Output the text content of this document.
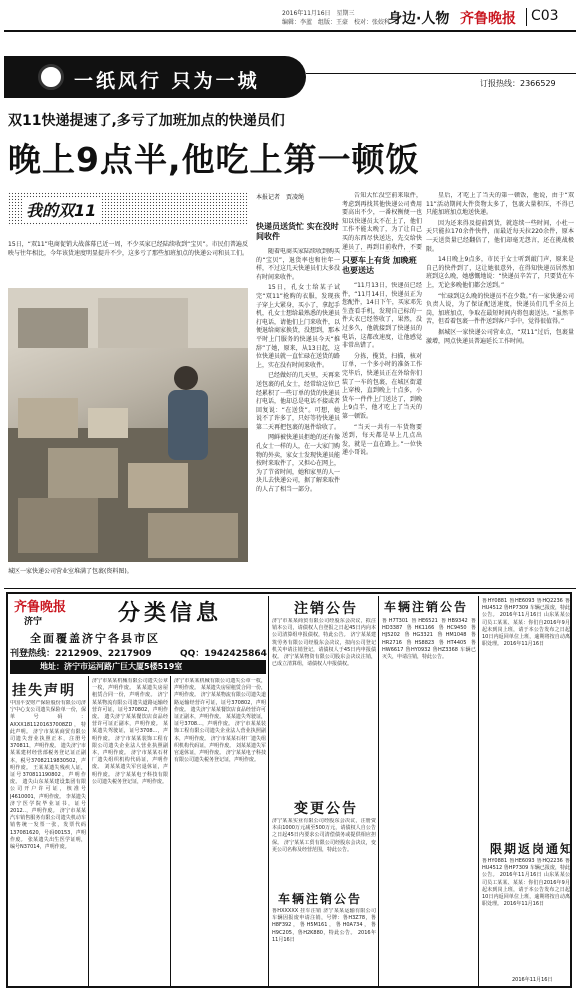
2016年11月16日　星期三
编辑：李蓝　组版：王豪　校对：张姣科
身边·人物 齐鲁晚报 C03
一纸风行 只为一城	订报热线：2366529
双11快递提速了,多亏了加班加点的快递员们
晚上9点半,他吃上第一顿饭
我的双11
15日，“双11”电商促销大战落幕已近一周，不少买家已经陆续收到“宝贝”。市民们普遍反映与往年相比，今年该货速度明显提升不少，这多亏了那些加班加点的快递公司和员工们。
城区一家快递公司营业室堆满了包裹(资料图)。
本报记者　贾凌绳
快递员送货忙 实在没时间收件

随着电商买家陆续收到购买的“宝贝”，退货率也和往年一样，不过这几天快递员们大多没有时间来收件。

15日，孔女士给某子试完“双11”抢购的衣服，发现孩子穿上大紧身，买小了，拿起手机，孔女士想给最熟悉的快递员打电话，请他们上门来收件，以便退给商家换货，没想到，那本平时上门服务的快递员今天“推辞”了她，原来，从13日起，这位快递员就一直忙碌在送货的路上，实在没有时间来收件。

已经做好的几天里，天再来送包裹的孔女士，经常给这位已经累积了一些订单的货的快递员打电话，他却总是电话不接或者回复说：“在送货”。可想，她说不了许多了，只好等待快递员第二天再把包裹的退件给收了。

网鲜被快递员拒绝的还有像孔女士一样的人，在一大家门购物的外卖，家女士发现快递员能按时来取件了，又担心在网上，为了节省时间，她和家里的人一块儿去快递公司，据了解来取件的人占了相当一部分。

告知大忙没空前来取件，考虑到再找其他快递公司费用要高出不少，一番权衡便一也知以快递员太不在上了，他们工作不能太晚了，为了让自己买的东西尽快送达，先交给快递员了，再到目前收件，不要

只要车上有货 加晚班也要送达

“11月13日，快递员已经件，“11月14日，快递员正为您配件，14日下午，买家邓先生查看手机，发现自己标的一件大衣已经签收了，果然，没过多久，他就接到了快递员的电话，这都改速度，让他感觉非常出错了。

分拣，揽货，扫描，核对订单，一个多小时的准备工作完毕后，快递员正在外给你们装了一车的包裹，在城区街道上穿梭，直到晚上十点多，小货车一件件上门送达了，到晚上9点半，他才吃上了当天的第一顿饭。

“当天一共有一车货物要送到，每天都是早上几点出发，就是一直在路上。”一位快递小哥说。

星后，才吃上了当天的第一顿饭，他说，由于“双11”活动期间大件货物太多了，包裹大量积压，不得已只能加班加点地送快递。

因为还来得及提前到货，就连续一些时间，小杜一天只能拉170余件快件，而最近每天拉220余件，原本一天送货量已经翻倍了，他们却毫无怨言，还在挑战极限。

14日晚上9点多，市民于女士听到敲门声，原来是自己的快件到了，这让她很意外，在得知快递员居然加班到这么晚，她感慨地说：“快递员辛苦了，只要货在车上，无论多晚他们都会送到。”

“忙碌到这么晚的快递员不在少数。”有一家快递公司负责人说，为了保证配送速度，快递员们几乎全员上岗，加班加点，争取在最短时间内将包裹送达。“虽然辛苦，但看着包裹一件件送到客户手中，觉得很值得。”

据城区一家快递公司营业点，“双11”过后，包裹量激增，网点快递员普遍延长工作时间。

齐鲁晚报
济宁	分类信息
全面覆盖济宁各县市区
刊登热线：2212909、2217909	QQ：1942425864
地址：济宁市运河路广巨大厦5楼519室
挂失声明
中国平安财产保险股份有限公司济宁中心支公司遗失保险单一份，保单号码：AXXX1811201637008ZD，特此声明。 济宁市某某商贸有限公司遗失营业执照正本，注册号370811，声明作废。 遗失济宁市某某建材经营部税务登记证正副本，税号37082119830502，声明作废。 王某某遗失残疾人证，证号370811190802，声明作废。 遗失山东某某建设集团有限公司开户许可证，核准号J4610001，声明作废。 李某遗失济宁医学院毕业证书，证号2012..，声明作废。 济宁市某某汽车销售服务有限公司遗失机动车销售统一发票一张，发票代码137081620，号码00153，声明作废。 张某遗失出生医学证明，编号N37014，声明作废。
济宁市某某机械有限公司遗失公章一枚，声明作废。 某某遗失房屋租赁合同一份，声明作废。 济宁某某物流有限公司遗失道路运输经营许可证，证号370802，声明作废。 遗失济宁某某餐饮店食品经营许可证正副本，声明作废。 某某遗失驾驶证，证号3708...，声明作废。 济宁市某某装饰工程有限公司遗失企业法人营业执照副本，声明作废。 济宁市某某石材厂遗失组织机构代码证，声明作废。 刘某某遗失军官退休证，声明作废。 济宁某某电子科技有限公司遗失税务登记证，声明作废。
济宁市某某机械有限公司遗失公章一枚，声明作废。 某某遗失房屋租赁合同一份，声明作废。 济宁某某物流有限公司遗失道路运输经营许可证，证号370802，声明作废。 遗失济宁某某餐饮店食品经营许可证正副本，声明作废。 某某遗失驾驶证，证号3708...，声明作废。 济宁市某某装饰工程有限公司遗失企业法人营业执照副本，声明作废。 济宁市某某石材厂遗失组织机构代码证，声明作废。 刘某某遗失军官退休证，声明作废。 济宁某某电子科技有限公司遗失税务登记证，声明作废。
注销公告
济宁市某某商贸有限公司经股东会决议，拟注销本公司，请债权人自登报之日起45日内向本公司清算组申报债权，特此公告。 济宁某某建筑劳务有限公司经股东会决议，拟向公司登记机关申请注销登记，请债权人于45日内申报债权。 济宁某某物资有限公司股东会决议注销，已成立清算组，请债权人申报债权。
变更公告
济宁某某实业有限公司经股东会决议，注册资本由1000万元减至500万元，请债权人自公告之日起45日内要求公司清偿债务或提供相应担保。 济宁某某工贸有限公司经股东会决议，变更公司名称及经营范围，特此公告。
车辆注销公告
鲁HXXXXX 挂车注销 济宁某某运输有限公司车辆因报废申请注销，号牌：鲁H3Z78，鲁H8F392，鲁H5M161，鲁H0A734，鲁H9C205，鲁H2K880，特此公告。 2016年11月16日
车辆注销公告
鲁H7T301 鲁HE6521 鲁HB9342 鲁HD3387 鲁HK1166 鲁HC9450 鲁HJ5202 鲁HG3321 鲁HM1048 鲁HR2716 鲁HS8823 鲁HT4405 鲁HW6617 鲁HY0932 鲁HZ3368 车辆已灭失，申请注销，特此公告。
鲁HY0881 鲁HE6093 鲁HQ2236 鲁HU4512 鲁HP7309 车辆已报废，特此公告。 2016年11月16日 山东某某公司员工某某、某某：你们自2016年9月起未到岗上班，请于本公告发布之日起10日内返回单位上班，逾期将按自动离职处理。 2016年11月16日
限期返岗通知
鲁HY0881 鲁HE6093 鲁HQ2236 鲁HU4512 鲁HP7309 车辆已报废，特此公告。 2016年11月16日 山东某某公司员工某某、某某：你们自2016年9月起未到岗上班，请于本公告发布之日起10日内返回单位上班，逾期将按自动离职处理。 2016年11月16日
2016年11月16日
